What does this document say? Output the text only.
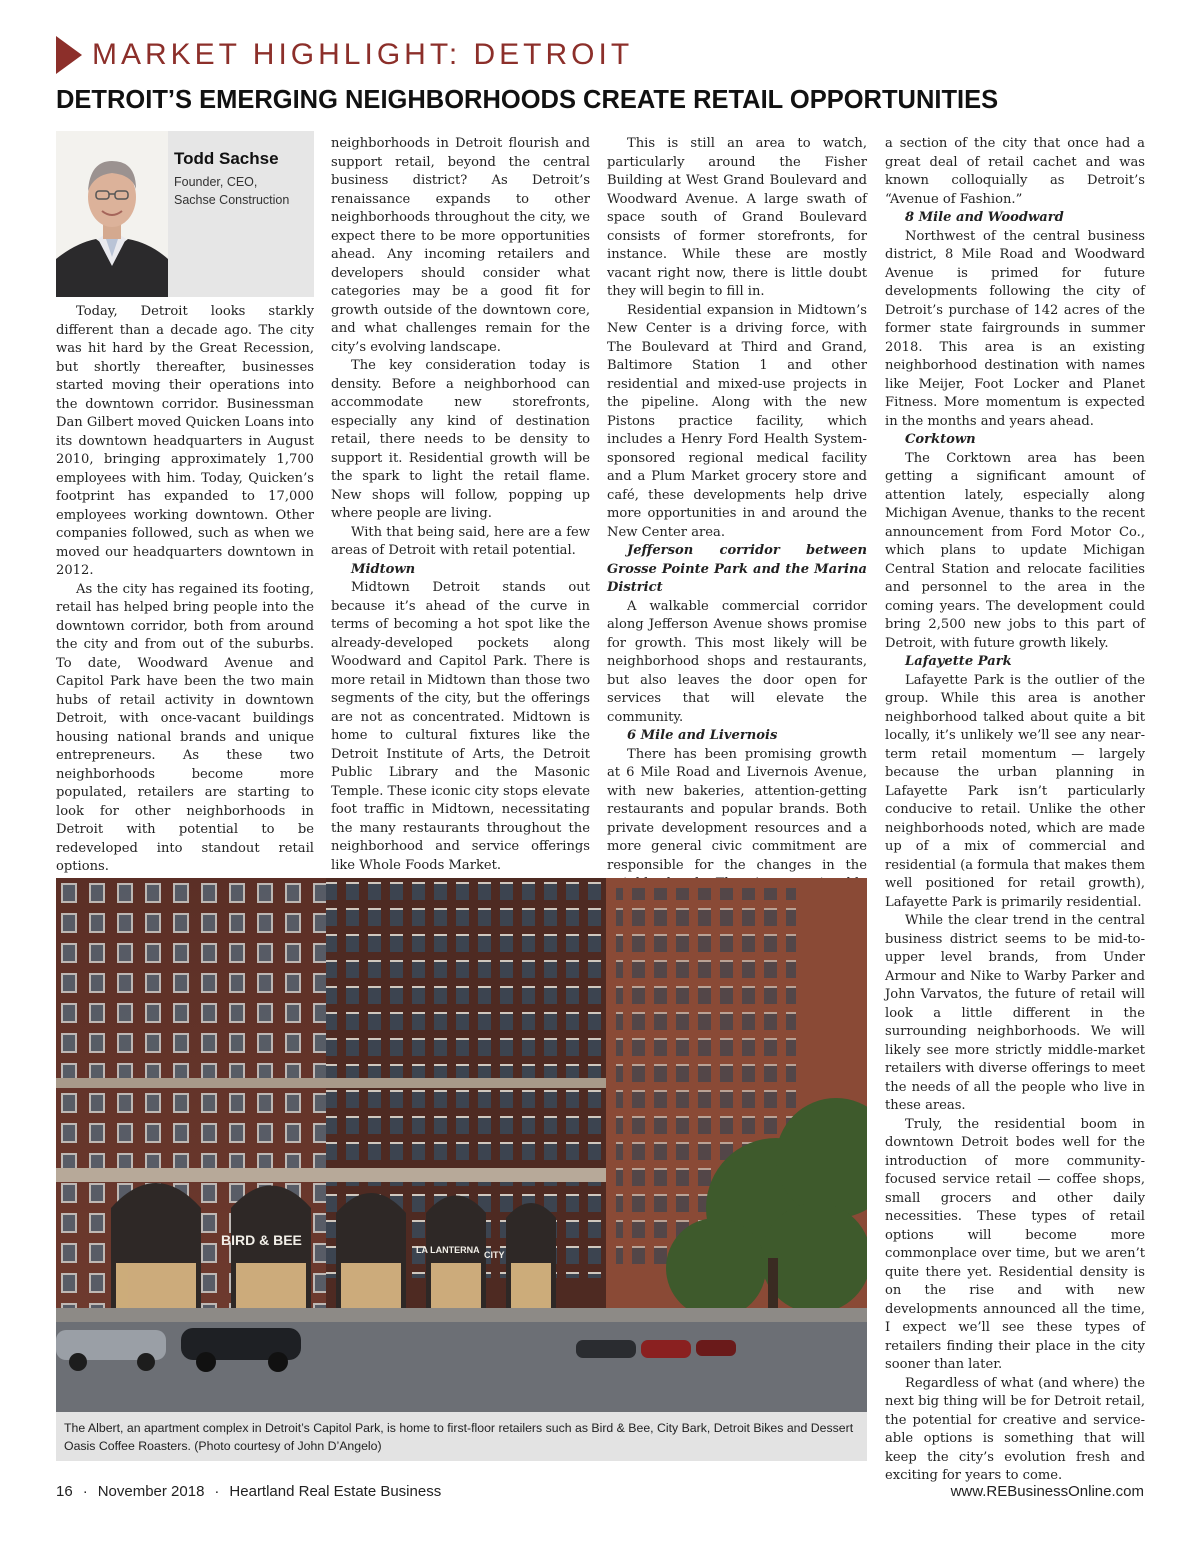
MARKET HIGHLIGHT: DETROIT
DETROIT’S EMERGING NEIGHBORHOODS CREATE RETAIL OPPORTUNITIES
Todd Sachse
Founder, CEO,
Sachse Construction

Today, Detroit looks starkly different than a decade ago. The city was hit hard by the Great Recession, but shortly thereafter, businesses started moving their operations into the downtown corridor. Businessman Dan Gilbert moved Quicken Loans into its downtown headquarters in August 2010, bringing approximately 1,700 employees with him. Today, Quicken’s footprint has expanded to 17,000 employees working downtown. Other companies followed, such as when we moved our headquarters downtown in 2012.

As the city has regained its footing, retail has helped bring people into the downtown corridor, both from around the city and from out of the suburbs. To date, Woodward Avenue and Capitol Park have been the two main hubs of retail activity in downtown Detroit, with once-vacant buildings housing national brands and unique entrepreneurs. As these two neighborhoods become more populated, retailers are starting to look for other neighborhoods in Detroit with potential to be redeveloped into standout retail options.

neighborhoods in Detroit flourish and support retail, beyond the central business district? As Detroit’s renaissance expands to other neighborhoods throughout the city, we expect there to be more opportunities ahead. Any incoming retailers and developers should consider what categories may be a good fit for growth outside of the downtown core, and what challenges remain for the city’s evolving landscape.

The key consideration today is density. Before a neighborhood can accommodate new storefronts, especially any kind of destination retail, there needs to be density to support it. Residential growth will be the spark to light the retail flame. New shops will follow, popping up where people are living.

With that being said, here are a few areas of Detroit with retail potential.

Midtown

Midtown Detroit stands out because it’s ahead of the curve in terms of becoming a hot spot like the already-developed pockets along Woodward and Capitol Park. There is more retail in Midtown than those two segments of the city, but the offerings are not as concentrated. Midtown is home to cultural fixtures like the Detroit Institute of Arts, the Detroit Public Library and the Masonic Temple. These iconic city stops elevate foot traffic in Midtown, necessitating the many restaurants throughout the neighborhood and service offerings like Whole Foods Market.

This is still an area to watch, particularly around the Fisher Building at West Grand Boulevard and Woodward Avenue. A large swath of space south of Grand Boulevard consists of former storefronts, for instance. While these are mostly vacant right now, there is little doubt they will begin to fill in.

Residential expansion in Midtown’s New Center is a driving force, with The Boulevard at Third and Grand, Baltimore Station 1 and other residential and mixed-use projects in the pipeline. Along with the new Pistons practice facility, which includes a Henry Ford Health System-sponsored regional medical facility and a Plum Market grocery store and café, these developments help drive more opportunities in and around the New Center area.

Jefferson corridor between Grosse Pointe Park and the Marina District

A walkable commercial corridor along Jefferson Avenue shows promise for growth. This most likely will be neighborhood shops and restaurants, but also leaves the door open for services that will elevate the community.

6 Mile and Livernois

There has been promising growth at 6 Mile Road and Livernois Avenue, with new bakeries, attention-getting restaurants and popular brands. Both private development resources and a more general civic commitment are responsible for the changes in the

a section of the city that once had a great deal of retail cachet and was known colloquially as Detroit’s “Avenue of Fashion.”

8 Mile and Woodward

Northwest of the central business district, 8 Mile Road and Woodward Avenue is primed for future developments following the city of Detroit’s purchase of 142 acres of the former state fairgrounds in summer 2018. This area is an existing neighborhood destination with names like Meijer, Foot Locker and Planet Fitness. More momentum is expected in the months and years ahead.

Corktown

The Corktown area has been getting a significant amount of attention lately, especially along Michigan Avenue, thanks to the recent announcement from Ford Motor Co., which plans to update Michigan Central Station and relocate facilities and personnel to the area in the coming years. The development could bring 2,500 new jobs to this part of Detroit, with future growth likely.

Lafayette Park

Lafayette Park is the outlier of the group. While this area is another neighborhood talked about quite a bit locally, it’s unlikely we’ll see any near-term retail momentum — largely because the urban planning in Lafayette Park isn’t particularly conducive to retail. Unlike the other neighborhoods noted, which are made up of a mix of commercial and residential (a formula that makes them well positioned for retail growth), Lafayette Park is primarily residential.

While the clear trend in the central business district seems to be mid-to-upper level brands, from Under Armour and Nike to Warby Parker and John Varvatos, the future of retail will look a little different in the surrounding neighborhoods. We will likely see more strictly middle-market retailers with diverse offerings to meet the needs of all the people who live in these areas.

Truly, the residential boom in downtown Detroit bodes well for the introduction of more community-focused service retail — coffee shops, small grocers and other daily necessities. These types of retail options will become more commonplace over time, but we aren’t quite there yet. Residential density is on the rise and with new developments announced all the time, I expect we’ll see these types of retailers finding their place in the city sooner than later.

Regardless of what (and where) the next big thing will be for Detroit retail, the potential for creative and service-able options is something that will keep the city’s evolution fresh and exciting for years to come.

BIRD & BEE
LA LANTERNA CITY
The Albert, an apartment complex in Detroit’s Capitol Park, is home to first-floor retailers such as Bird & Bee, City Bark, Detroit Bikes and Dessert Oasis Coffee Roasters. (Photo courtesy of John D’Angelo)
16 · November 2018 · Heartland Real Estate Business	www.REBusinessOnline.com
